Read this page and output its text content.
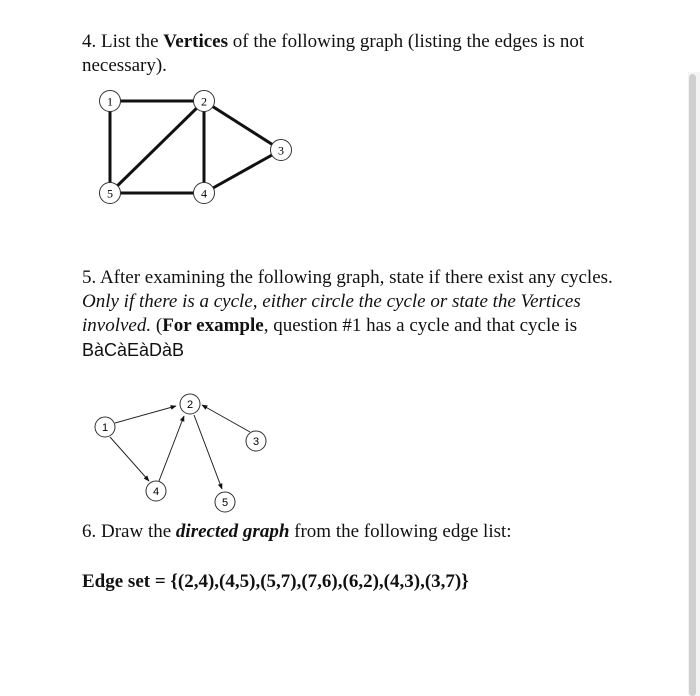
4. List the Vertices of the following graph (listing the edges is not necessary).

1	2
3
4
5

5. After examining the following graph, state if there exist any cycles. Only if there is a cycle, either circle the cycle or state the Vertices involved. (For example, question #1 has a cycle and that cycle is BàCàEàDàB

1
2
3
4
5

6. Draw the directed graph from the following edge list:

Edge set = {(2,4),(4,5),(5,7),(7,6),(6,2),(4,3),(3,7)}
